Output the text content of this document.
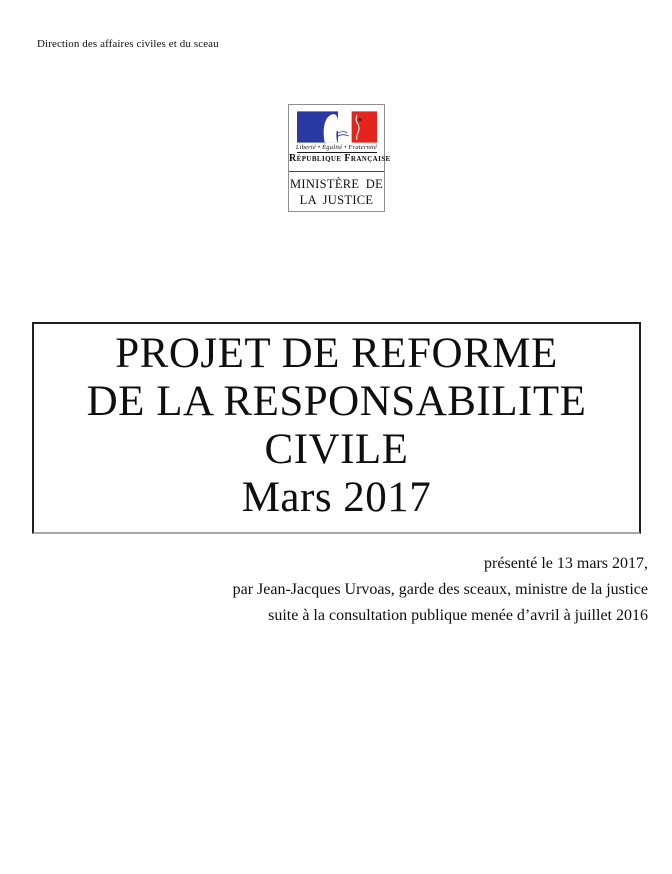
Direction des affaires civiles et du sceau
Liberté • Égalité • Fraternité
République Française
MINISTÈRE DE
LA JUSTICE
PROJET DE REFORME
DE LA RESPONSABILITE
CIVILE
Mars 2017
présenté le 13 mars 2017,
par Jean-Jacques Urvoas, garde des sceaux, ministre de la justice
suite à la consultation publique menée d’avril à juillet 2016
